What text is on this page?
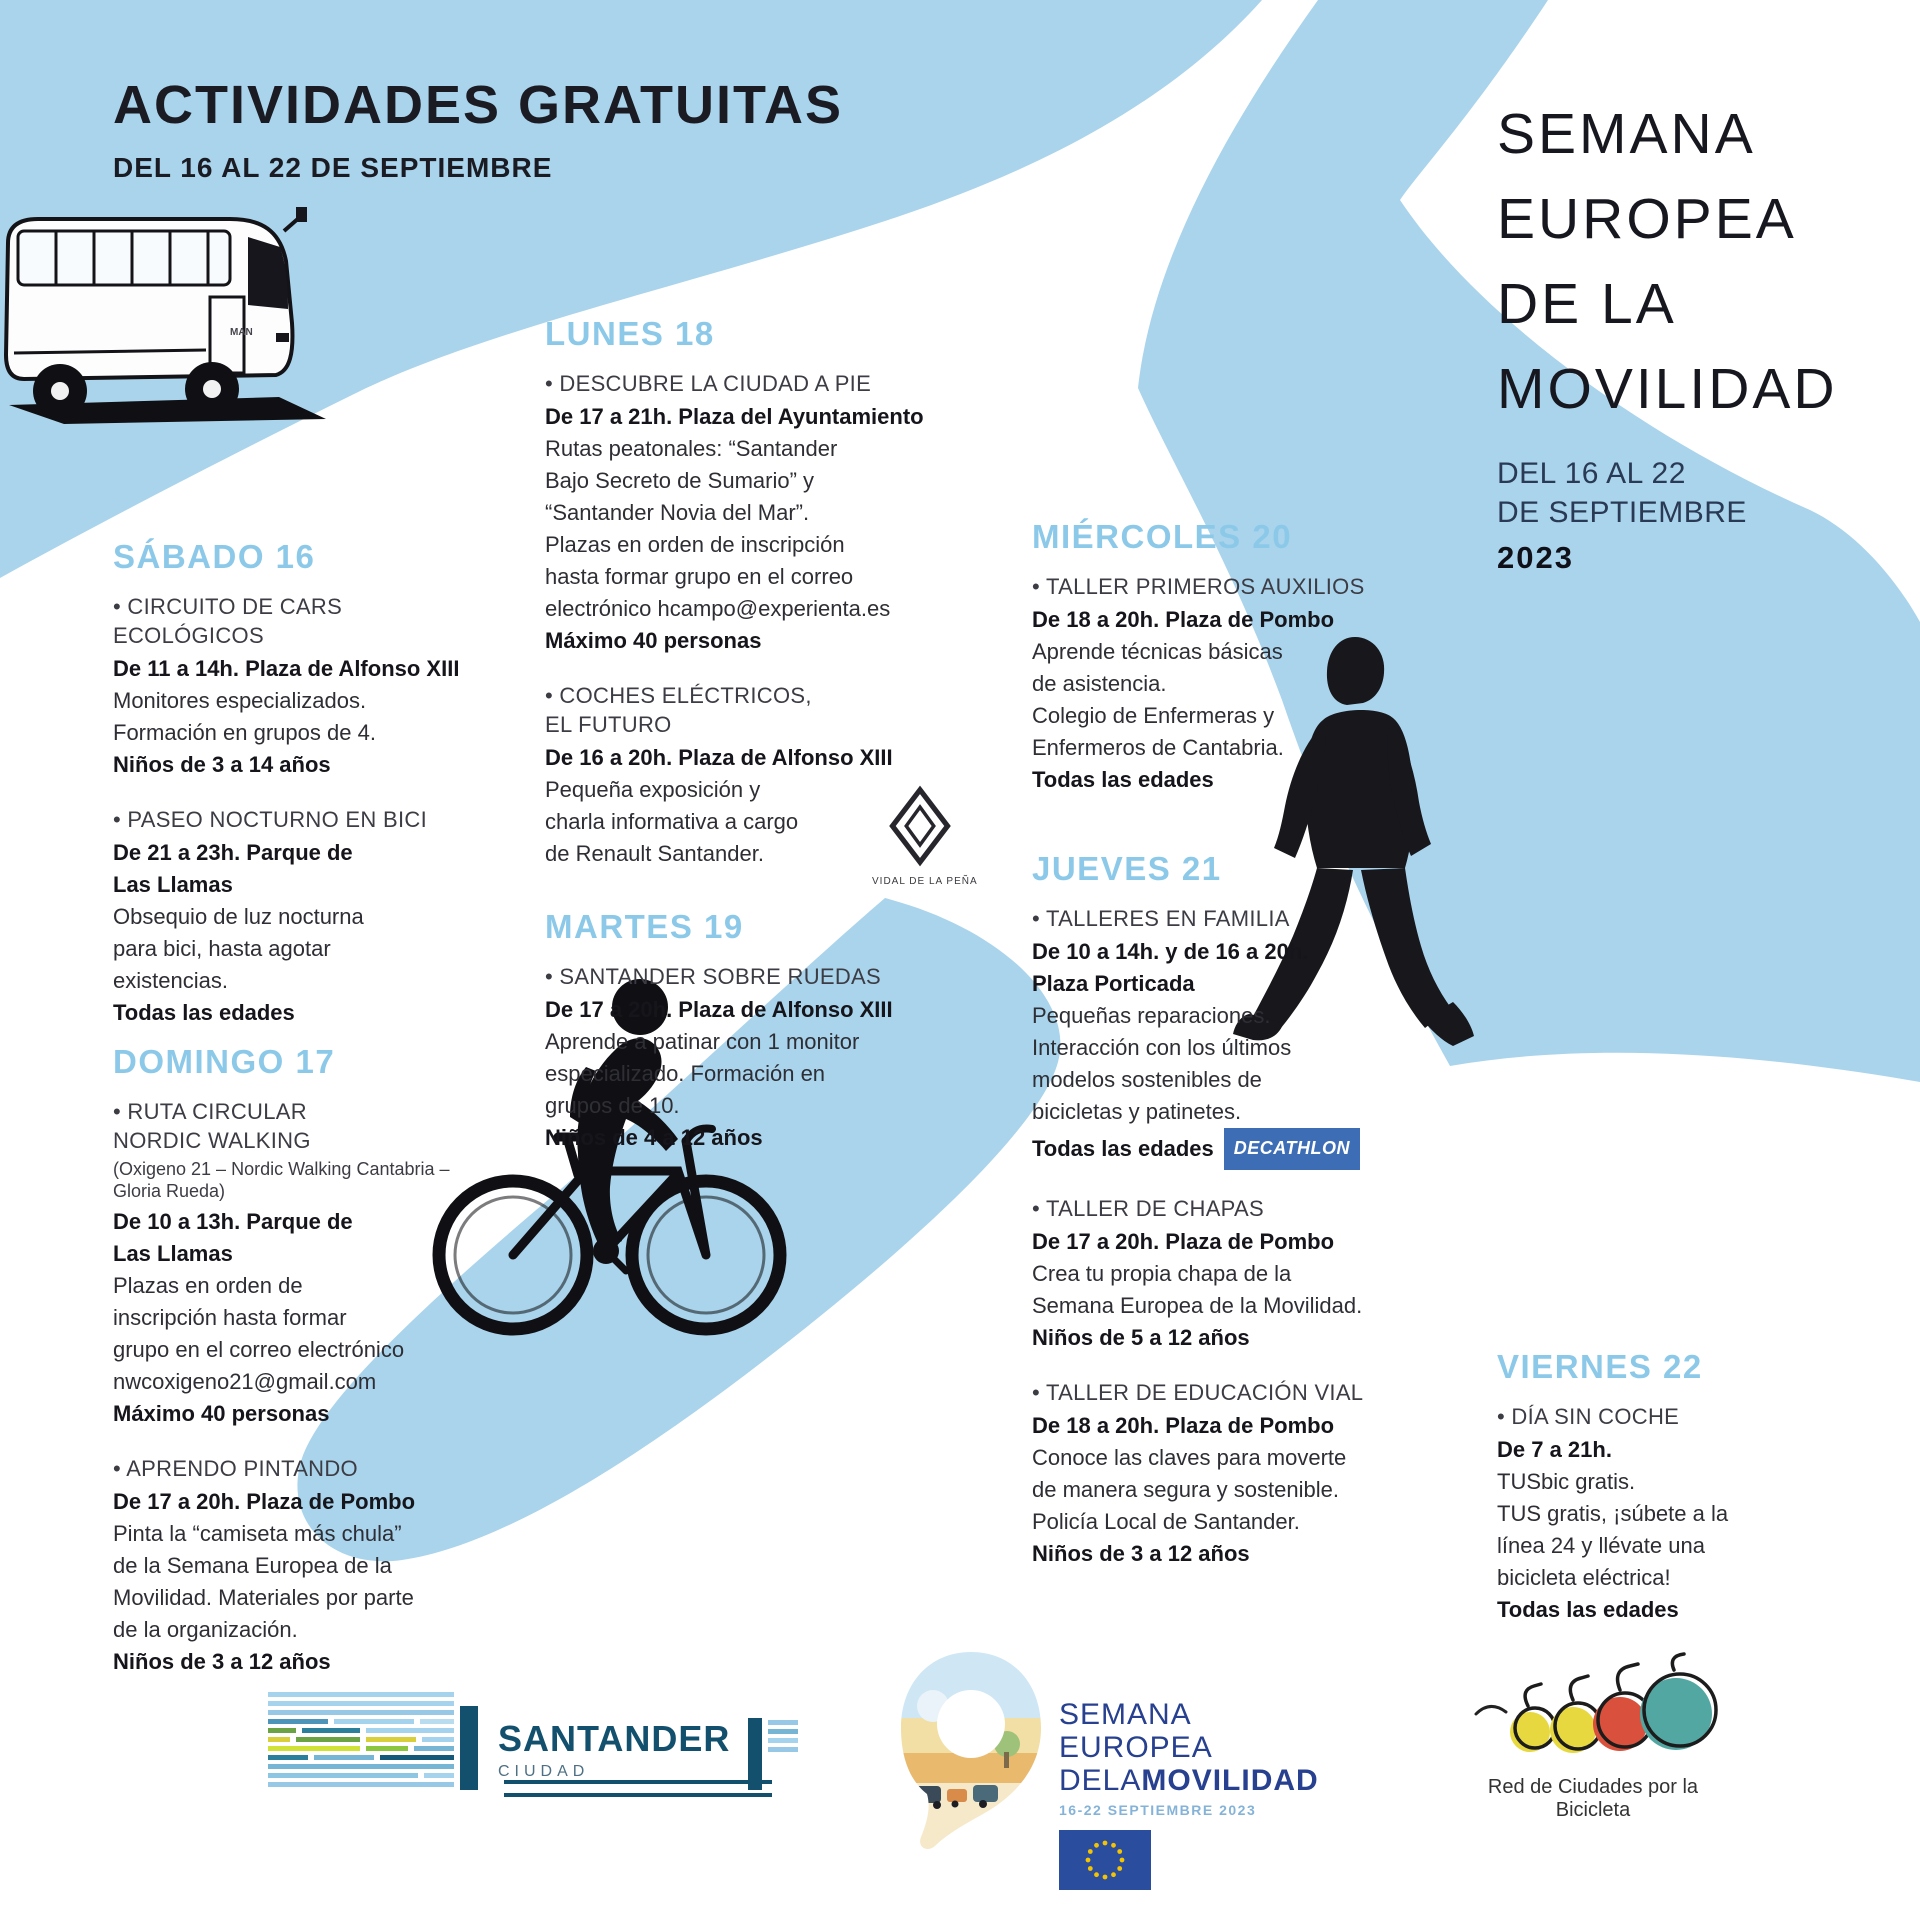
MAN
ACTIVIDADES GRATUITAS
DEL 16 AL 22 DE SEPTIEMBRE
SEMANA
EUROPEA
DE LA
MOVILIDAD
DEL 16 AL 22
DE SEPTIEMBRE
2023
SÁBADO 16
• CIRCUITO DE CARS
ECOLÓGICOS
De 11 a 14h. Plaza de Alfonso XIII
Monitores especializados.
Formación en grupos de 4.
Niños de 3 a 14 años
• PASEO NOCTURNO EN BICI
De 21 a 23h. Parque de
Las Llamas
Obsequio de luz nocturna
para bici, hasta agotar
existencias.
Todas las edades
DOMINGO 17
• RUTA CIRCULAR
NORDIC WALKING
(Oxigeno 21 – Nordic Walking Cantabria –
Gloria Rueda)
De 10 a 13h. Parque de
Las Llamas
Plazas en orden de
inscripción hasta formar
grupo en el correo electrónico
nwcoxigeno21@gmail.com
Máximo 40 personas
• APRENDO PINTANDO
De 17 a 20h. Plaza de Pombo
Pinta la “camiseta más chula”
de la Semana Europea de la
Movilidad. Materiales por parte
de la organización.
Niños de 3 a 12 años
LUNES 18
• DESCUBRE LA CIUDAD A PIE
De 17 a 21h. Plaza del Ayuntamiento
Rutas peatonales: “Santander
Bajo Secreto de Sumario” y
“Santander Novia del Mar”.
Plazas en orden de inscripción
hasta formar grupo en el correo
electrónico hcampo@experienta.es
Máximo 40 personas
• COCHES ELÉCTRICOS,
EL FUTURO
De 16 a 20h. Plaza de Alfonso XIII
Pequeña exposición y
charla informativa a cargo
de Renault Santander.
VIDAL DE LA PEÑA
MARTES 19
• SANTANDER SOBRE RUEDAS
De 17 a 20h. Plaza de Alfonso XIII
Aprende a patinar con 1 monitor
especializado. Formación en
grupos de 10.
Niños de 4 a 12 años
MIÉRCOLES 20
• TALLER PRIMEROS AUXILIOS
De 18 a 20h. Plaza de Pombo
Aprende técnicas básicas
de asistencia.
Colegio de Enfermeras y
Enfermeros de Cantabria.
Todas las edades
JUEVES 21
• TALLERES EN FAMILIA
De 10 a 14h. y de 16 a 20h.
Plaza Porticada
Pequeñas reparaciones.
Interacción con los últimos
modelos sostenibles de
bicicletas y patinetes.
Todas las edades DECATHLON
• TALLER DE CHAPAS
De 17 a 20h. Plaza de Pombo
Crea tu propia chapa de la
Semana Europea de la Movilidad.
Niños de 5 a 12 años
• TALLER DE EDUCACIÓN VIAL
De 18 a 20h. Plaza de Pombo
Conoce las claves para moverte
de manera segura y sostenible.
Policía Local de Santander.
Niños de 3 a 12 años
VIERNES 22
• DÍA SIN COCHE
De 7 a 21h.
TUSbic gratis.
TUS gratis, ¡súbete a la
línea 24 y llévate una
bicicleta eléctrica!
Todas las edades
SANTANDER
CIUDAD
SEMANA
EUROPEA
DELAMOVILIDAD
16-22 SEPTIEMBRE 2023
Red de Ciudades por la Bicicleta
